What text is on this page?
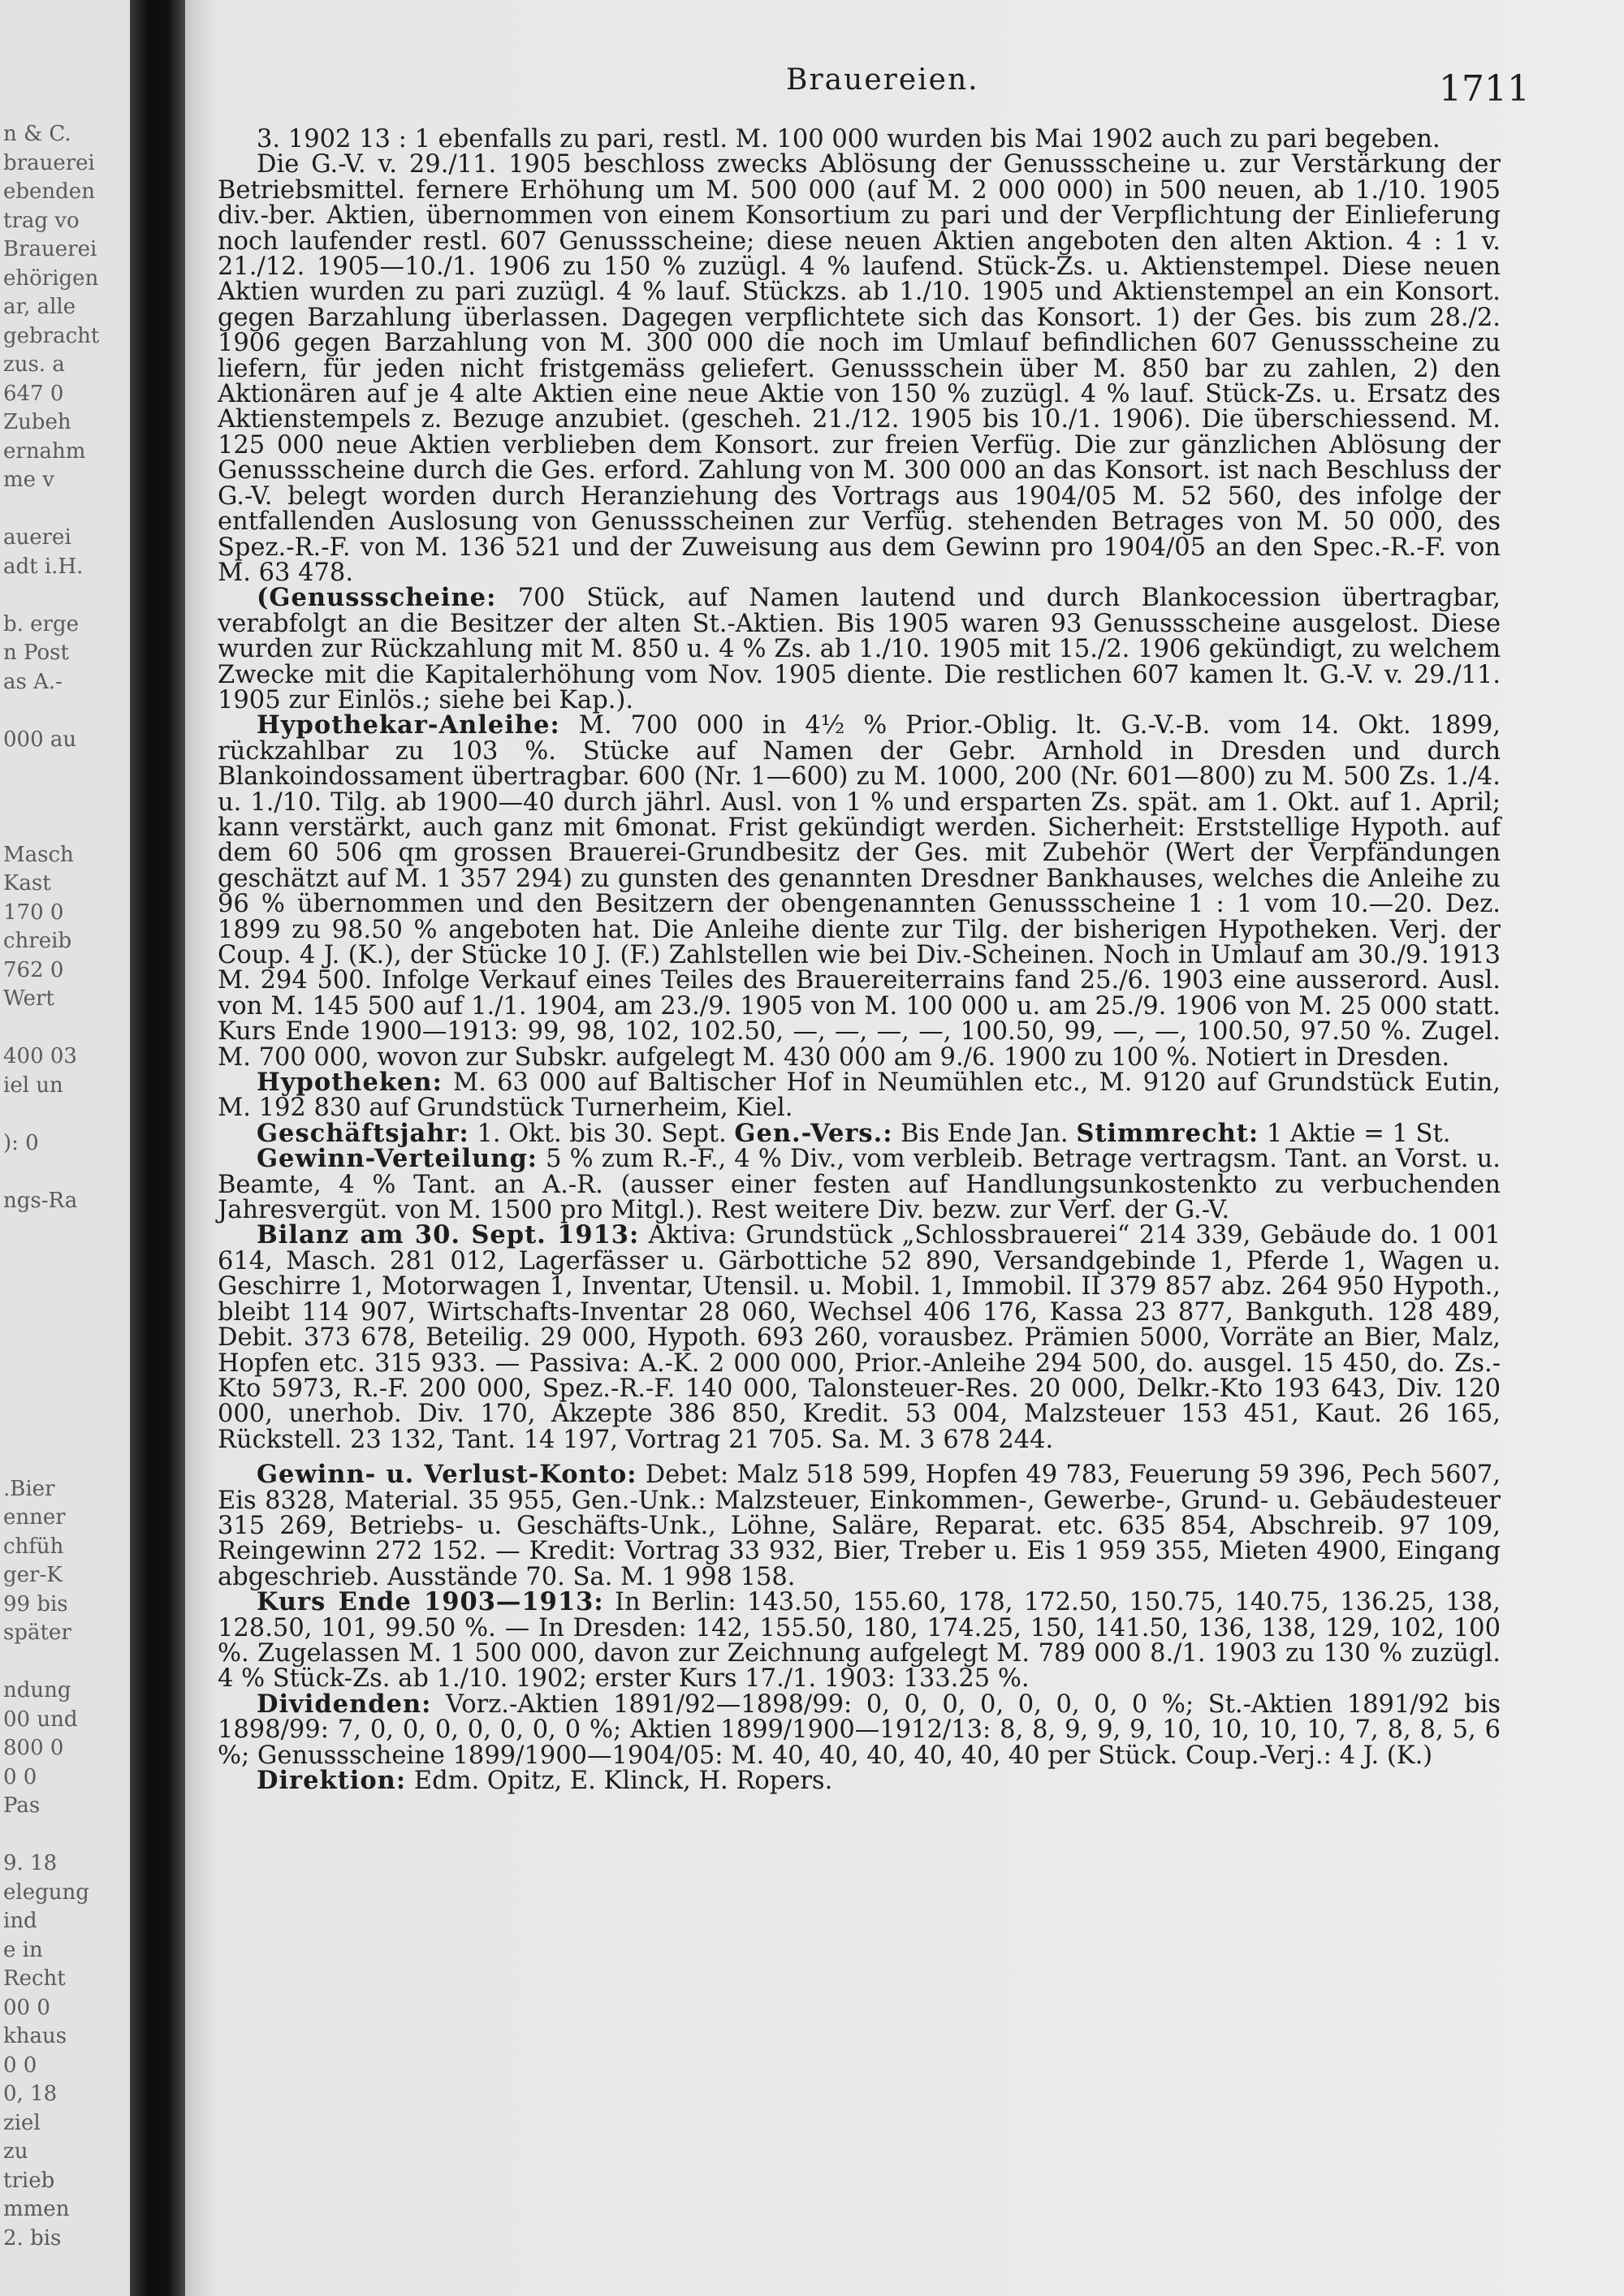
n & C.
brauerei
ebenden
trag vo
Brauerei
ehörigen
ar, alle
gebracht
zus. a
647 0
Zubeh
ernahm
me v
auerei
adt i.H.
b. erge
n Post
as A.-
000 au
Masch
Kast
170 0
chreib
762 0
Wert
400 03
iel un
): 0
ngs-Ra
.Bier
enner
chfüh
ger-K
99 bis
später
ndung
00 und
800 0
0 0
Pas
9. 18
elegung
ind
e in
Recht
00 0
khaus
0 0
0, 18
ziel
zu
trieb
mmen
2. bis
Brauereien.	1711

3. 1902 13 : 1 ebenfalls zu pari, restl. M. 100 000 wurden bis Mai 1902 auch zu pari begeben.

Die G.-V. v. 29./11. 1905 beschloss zwecks Ablösung der Genussscheine u. zur Verstärkung der Betriebsmittel. fernere Erhöhung um M. 500 000 (auf M. 2 000 000) in 500 neuen, ab 1./10. 1905 div.-ber. Aktien, übernommen von einem Konsortium zu pari und der Verpflichtung der Einlieferung noch laufender restl. 607 Genussscheine; diese neuen Aktien angeboten den alten Aktion. 4 : 1 v. 21./12. 1905—10./1. 1906 zu 150 % zuzügl. 4 % laufend. Stück-Zs. u. Aktienstempel. Diese neuen Aktien wurden zu pari zuzügl. 4 % lauf. Stückzs. ab 1./10. 1905 und Aktienstempel an ein Konsort. gegen Barzahlung überlassen. Dagegen verpflichtete sich das Konsort. 1) der Ges. bis zum 28./2. 1906 gegen Barzahlung von M. 300 000 die noch im Umlauf befindlichen 607 Genussscheine zu liefern, für jeden nicht fristgemäss geliefert. Genussschein über M. 850 bar zu zahlen, 2) den Aktionären auf je 4 alte Aktien eine neue Aktie von 150 % zuzügl. 4 % lauf. Stück-Zs. u. Ersatz des Aktienstempels z. Bezuge anzubiet. (gescheh. 21./12. 1905 bis 10./1. 1906). Die überschiessend. M. 125 000 neue Aktien verblieben dem Konsort. zur freien Verfüg. Die zur gänzlichen Ablösung der Genussscheine durch die Ges. erford. Zahlung von M. 300 000 an das Konsort. ist nach Beschluss der G.-V. belegt worden durch Heranziehung des Vortrags aus 1904/05 M. 52 560, des infolge der entfallenden Auslosung von Genussscheinen zur Verfüg. stehenden Betrages von M. 50 000, des Spez.-R.-F. von M. 136 521 und der Zuweisung aus dem Gewinn pro 1904/05 an den Spec.-R.-F. von M. 63 478.

(Genussscheine: 700 Stück, auf Namen lautend und durch Blankocession übertragbar, verabfolgt an die Besitzer der alten St.-Aktien. Bis 1905 waren 93 Genussscheine ausgelost. Diese wurden zur Rückzahlung mit M. 850 u. 4 % Zs. ab 1./10. 1905 mit 15./2. 1906 gekündigt, zu welchem Zwecke mit die Kapitalerhöhung vom Nov. 1905 diente. Die restlichen 607 kamen lt. G.-V. v. 29./11. 1905 zur Einlös.; siehe bei Kap.).

Hypothekar-Anleihe: M. 700 000 in 4½ % Prior.-Oblig. lt. G.-V.-B. vom 14. Okt. 1899, rückzahlbar zu 103 %. Stücke auf Namen der Gebr. Arnhold in Dresden und durch Blankoindossament übertragbar. 600 (Nr. 1—600) zu M. 1000, 200 (Nr. 601—800) zu M. 500 Zs. 1./4. u. 1./10. Tilg. ab 1900—40 durch jährl. Ausl. von 1 % und ersparten Zs. spät. am 1. Okt. auf 1. April; kann verstärkt, auch ganz mit 6monat. Frist gekündigt werden. Sicherheit: Erststellige Hypoth. auf dem 60 506 qm grossen Brauerei-Grundbesitz der Ges. mit Zubehör (Wert der Verpfändungen geschätzt auf M. 1 357 294) zu gunsten des genannten Dresdner Bankhauses, welches die Anleihe zu 96 % übernommen und den Besitzern der obengenannten Genussscheine 1 : 1 vom 10.—20. Dez. 1899 zu 98.50 % angeboten hat. Die Anleihe diente zur Tilg. der bisherigen Hypotheken. Verj. der Coup. 4 J. (K.), der Stücke 10 J. (F.) Zahlstellen wie bei Div.-Scheinen. Noch in Umlauf am 30./9. 1913 M. 294 500. Infolge Verkauf eines Teiles des Brauereiterrains fand 25./6. 1903 eine ausserord. Ausl. von M. 145 500 auf 1./1. 1904, am 23./9. 1905 von M. 100 000 u. am 25./9. 1906 von M. 25 000 statt. Kurs Ende 1900—1913: 99, 98, 102, 102.50, —, —, —, —, 100.50, 99, —, —, 100.50, 97.50 %. Zugel. M. 700 000, wovon zur Subskr. aufgelegt M. 430 000 am 9./6. 1900 zu 100 %. Notiert in Dresden.

Hypotheken: M. 63 000 auf Baltischer Hof in Neumühlen etc., M. 9120 auf Grundstück Eutin, M. 192 830 auf Grundstück Turnerheim, Kiel.

Geschäftsjahr: 1. Okt. bis 30. Sept. Gen.-Vers.: Bis Ende Jan. Stimmrecht: 1 Aktie = 1 St.

Gewinn-Verteilung: 5 % zum R.-F., 4 % Div., vom verbleib. Betrage vertragsm. Tant. an Vorst. u. Beamte, 4 % Tant. an A.-R. (ausser einer festen auf Handlungsunkostenkto zu verbuchenden Jahresvergüt. von M. 1500 pro Mitgl.). Rest weitere Div. bezw. zur Verf. der G.-V.

Bilanz am 30. Sept. 1913: Aktiva: Grundstück „Schlossbrauerei“ 214 339, Gebäude do. 1 001 614, Masch. 281 012, Lagerfässer u. Gärbottiche 52 890, Versandgebinde 1, Pferde 1, Wagen u. Geschirre 1, Motorwagen 1, Inventar, Utensil. u. Mobil. 1, Immobil. II 379 857 abz. 264 950 Hypoth., bleibt 114 907, Wirtschafts-Inventar 28 060, Wechsel 406 176, Kassa 23 877, Bankguth. 128 489, Debit. 373 678, Beteilig. 29 000, Hypoth. 693 260, vorausbez. Prämien 5000, Vorräte an Bier, Malz, Hopfen etc. 315 933. — Passiva: A.-K. 2 000 000, Prior.-Anleihe 294 500, do. ausgel. 15 450, do. Zs.-Kto 5973, R.-F. 200 000, Spez.-R.-F. 140 000, Talonsteuer-Res. 20 000, Delkr.-Kto 193 643, Div. 120 000, unerhob. Div. 170, Akzepte 386 850, Kredit. 53 004, Malzsteuer 153 451, Kaut. 26 165, Rückstell. 23 132, Tant. 14 197, Vortrag 21 705. Sa. M. 3 678 244.

Gewinn- u. Verlust-Konto: Debet: Malz 518 599, Hopfen 49 783, Feuerung 59 396, Pech 5607, Eis 8328, Material. 35 955, Gen.-Unk.: Malzsteuer, Einkommen-, Gewerbe-, Grund- u. Gebäudesteuer 315 269, Betriebs- u. Geschäfts-Unk., Löhne, Saläre, Reparat. etc. 635 854, Abschreib. 97 109, Reingewinn 272 152. — Kredit: Vortrag 33 932, Bier, Treber u. Eis 1 959 355, Mieten 4900, Eingang abgeschrieb. Ausstände 70. Sa. M. 1 998 158.

Kurs Ende 1903—1913: In Berlin: 143.50, 155.60, 178, 172.50, 150.75, 140.75, 136.25, 138, 128.50, 101, 99.50 %. — In Dresden: 142, 155.50, 180, 174.25, 150, 141.50, 136, 138, 129, 102, 100 %. Zugelassen M. 1 500 000, davon zur Zeichnung aufgelegt M. 789 000 8./1. 1903 zu 130 % zuzügl. 4 % Stück-Zs. ab 1./10. 1902; erster Kurs 17./1. 1903: 133.25 %.

Dividenden: Vorz.-Aktien 1891/92—1898/99: 0, 0, 0, 0, 0, 0, 0, 0 %; St.-Aktien 1891/92 bis 1898/99: 7, 0, 0, 0, 0, 0, 0, 0 %; Aktien 1899/1900—1912/13: 8, 8, 9, 9, 9, 10, 10, 10, 10, 7, 8, 8, 5, 6 %; Genussscheine 1899/1900—1904/05: M. 40, 40, 40, 40, 40, 40 per Stück. Coup.-Verj.: 4 J. (K.)

Direktion: Edm. Opitz, E. Klinck, H. Ropers.
